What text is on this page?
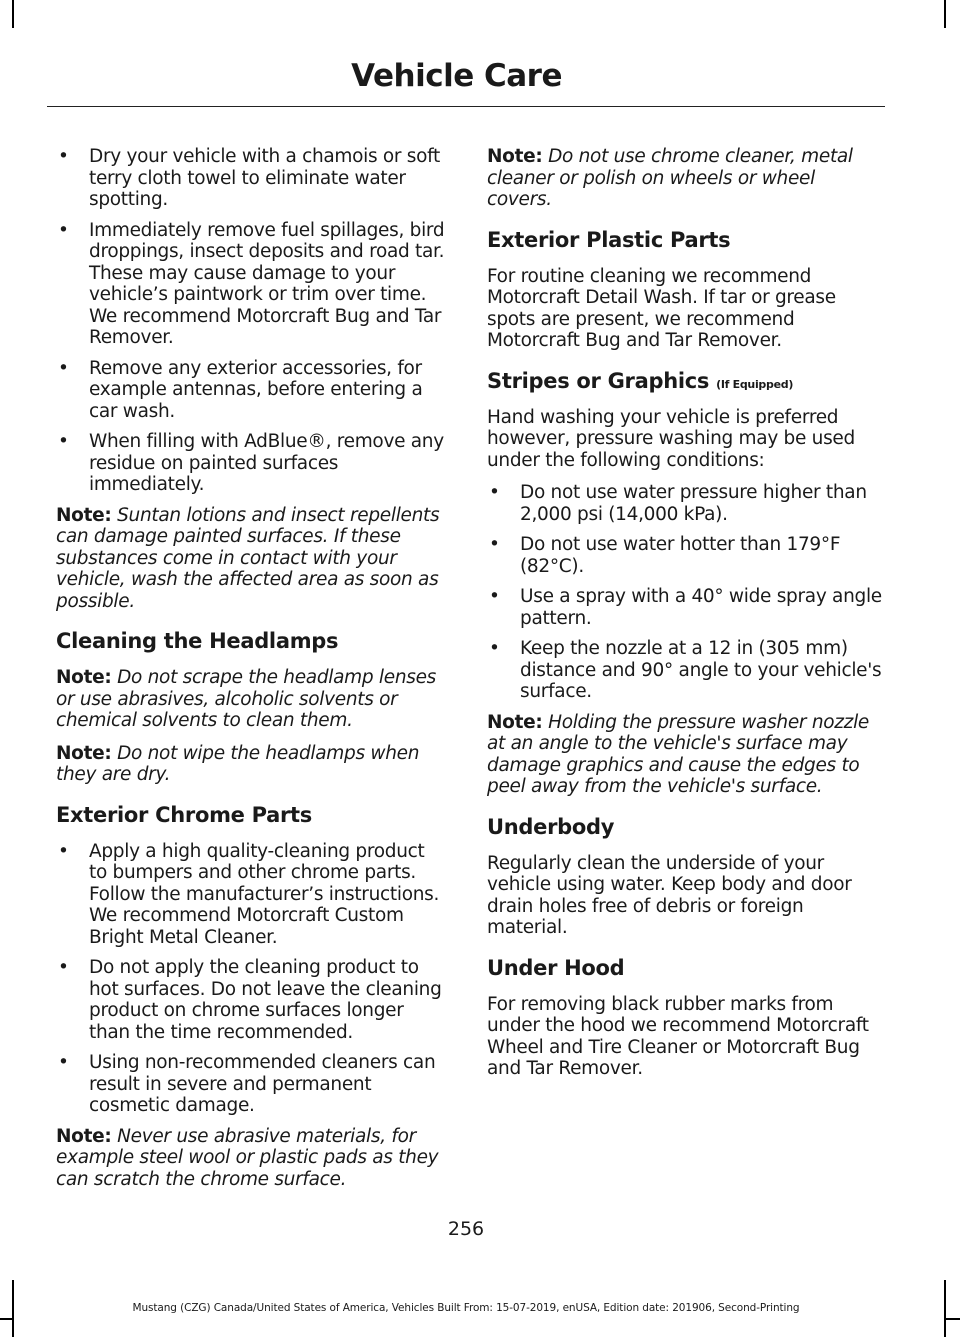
Vehicle Care
• Dry your vehicle with a chamois or soft terry cloth towel to eliminate water spotting.
• Immediately remove fuel spillages, bird droppings, insect deposits and road tar. These may cause damage to your vehicle’s paintwork or trim over time. We recommend Motorcraft Bug and Tar Remover.
• Remove any exterior accessories, for example antennas, before entering a car wash.
• When filling with AdBlue®, remove any residue on painted surfaces immediately.

Note: Suntan lotions and insect repellents can damage painted surfaces. If these substances come in contact with your vehicle, wash the affected area as soon as possible.

Cleaning the Headlamps

Note: Do not scrape the headlamp lenses or use abrasives, alcoholic solvents or chemical solvents to clean them.

Note: Do not wipe the headlamps when they are dry.

Exterior Chrome Parts
• Apply a high quality-cleaning product to bumpers and other chrome parts. Follow the manufacturer’s instructions. We recommend Motorcraft Custom Bright Metal Cleaner.
• Do not apply the cleaning product to hot surfaces. Do not leave the cleaning product on chrome surfaces longer than the time recommended.
• Using non-recommended cleaners can result in severe and permanent cosmetic damage.

Note: Never use abrasive materials, for example steel wool or plastic pads as they can scratch the chrome surface.

Note: Do not use chrome cleaner, metal cleaner or polish on wheels or wheel covers.

Exterior Plastic Parts

For routine cleaning we recommend Motorcraft Detail Wash. If tar or grease spots are present, we recommend Motorcraft Bug and Tar Remover.

Stripes or Graphics (If Equipped)

Hand washing your vehicle is preferred however, pressure washing may be used under the following conditions:

• Do not use water pressure higher than 2,000 psi (14,000 kPa).
• Do not use water hotter than 179°F (82°C).
• Use a spray with a 40° wide spray angle pattern.
• Keep the nozzle at a 12 in (305 mm) distance and 90° angle to your vehicle's surface.

Note: Holding the pressure washer nozzle at an angle to the vehicle's surface may damage graphics and cause the edges to peel away from the vehicle's surface.

Underbody

Regularly clean the underside of your vehicle using water. Keep body and door drain holes free of debris or foreign material.

Under Hood

For removing black rubber marks from under the hood we recommend Motorcraft Wheel and Tire Cleaner or Motorcraft Bug and Tar Remover.

256
Mustang (CZG) Canada/United States of America, Vehicles Built From: 15-07-2019, enUSA, Edition date: 201906, Second-Printing
